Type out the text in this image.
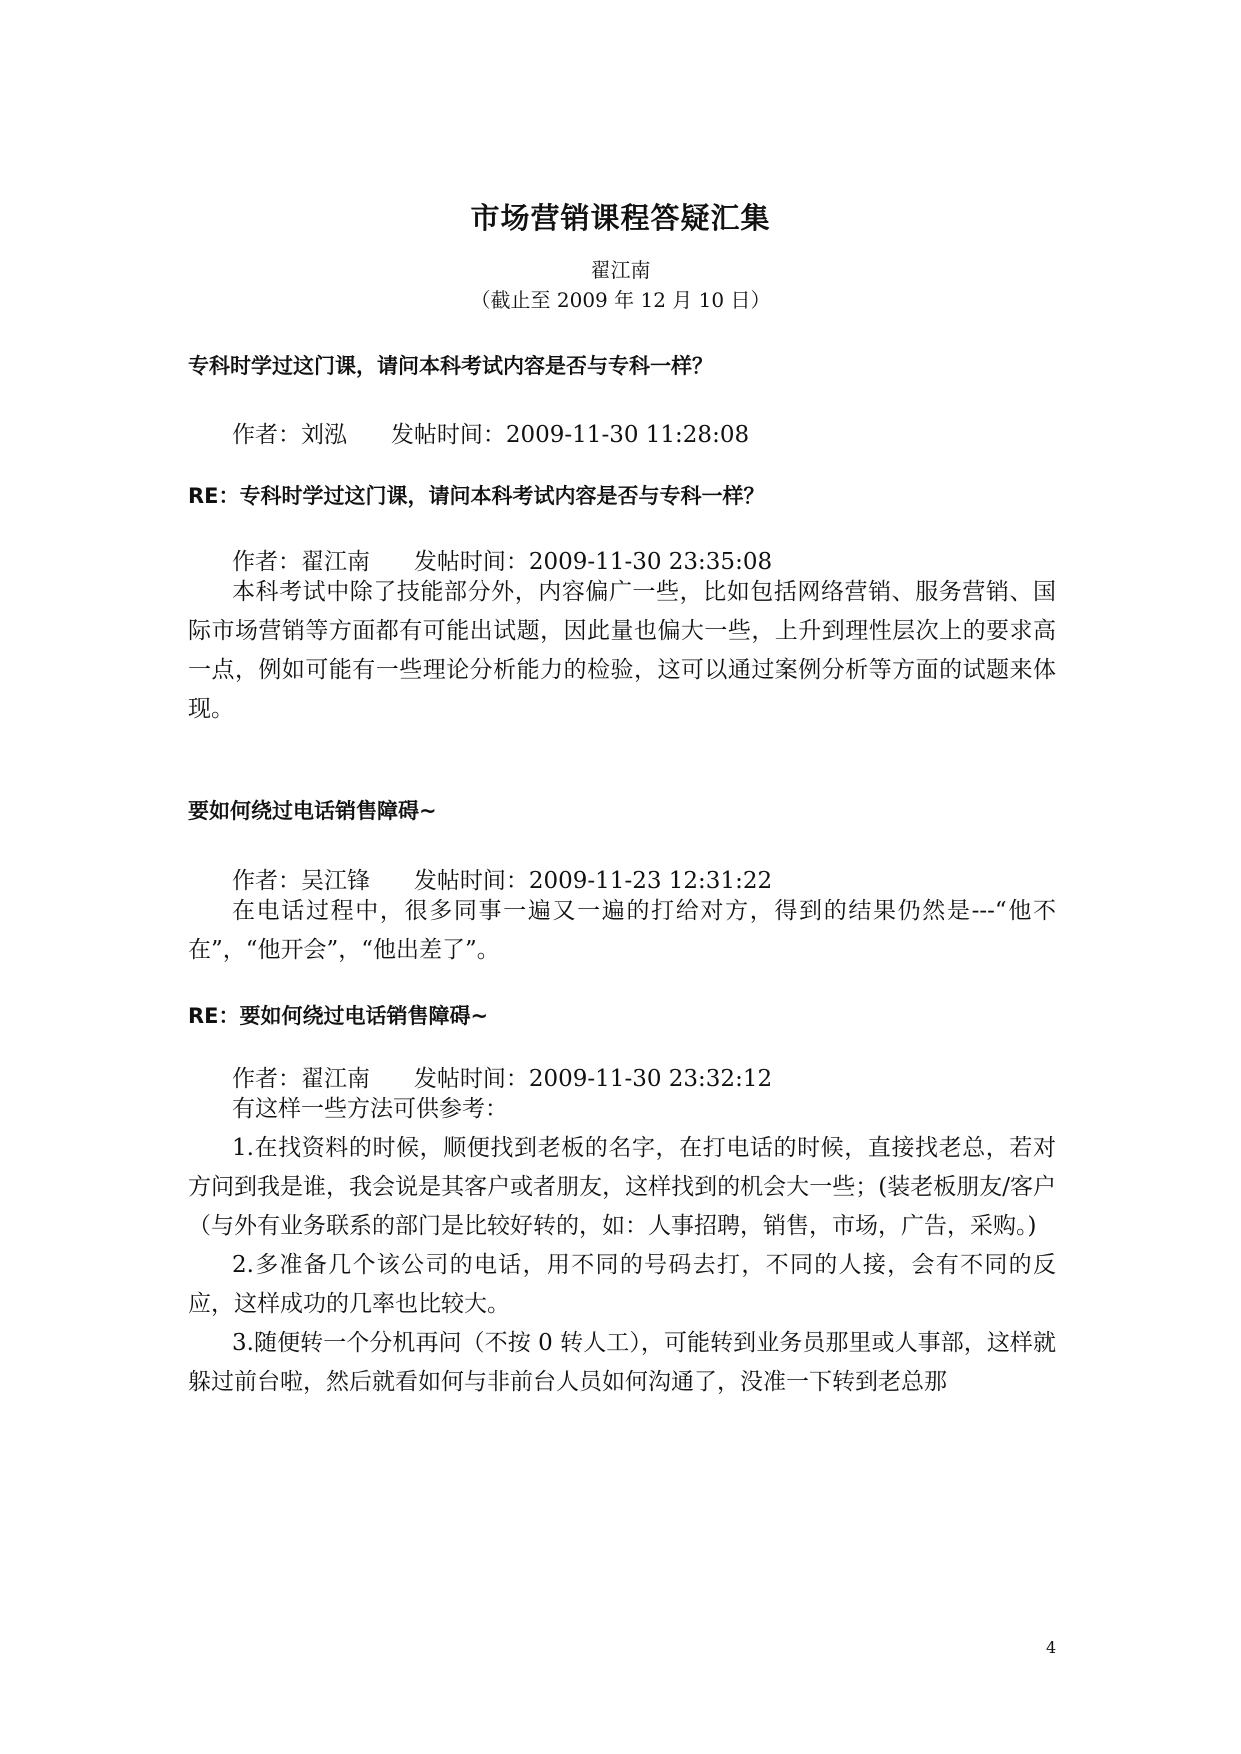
市场营销课程答疑汇集
翟江南
（截止至 2009 年 12 月 10 日）
专科时学过这门课，请问本科考试内容是否与专科一样？
作者：刘泓      发帖时间：2009-11-30 11:28:08
RE：专科时学过这门课，请问本科考试内容是否与专科一样？
作者：翟江南      发帖时间：2009-11-30 23:35:08

本科考试中除了技能部分外，内容偏广一些，比如包括网络营销、服务营销、国际市场营销等方面都有可能出试题，因此量也偏大一些，上升到理性层次上的要求高一点，例如可能有一些理论分析能力的检验，这可以通过案例分析等方面的试题来体现。

要如何绕过电话销售障碍~
作者：吴江锋      发帖时间：2009-11-23 12:31:22

在电话过程中，很多同事一遍又一遍的打给对方，得到的结果仍然是---“他不在”，“他开会”，“他出差了”。

RE：要如何绕过电话销售障碍~
作者：翟江南      发帖时间：2009-11-30 23:32:12

有这样一些方法可供参考：

1.在找资料的时候，顺便找到老板的名字，在打电话的时候，直接找老总，若对方问到我是谁，我会说是其客户或者朋友，这样找到的机会大一些；(装老板朋友/客户（与外有业务联系的部门是比较好转的，如：人事招聘，销售，市场，广告，采购。)

2.多准备几个该公司的电话，用不同的号码去打，不同的人接，会有不同的反应，这样成功的几率也比较大。

3.随便转一个分机再问（不按 0 转人工），可能转到业务员那里或人事部，这样就躲过前台啦，然后就看如何与非前台人员如何沟通了，没准一下转到老总那

4
